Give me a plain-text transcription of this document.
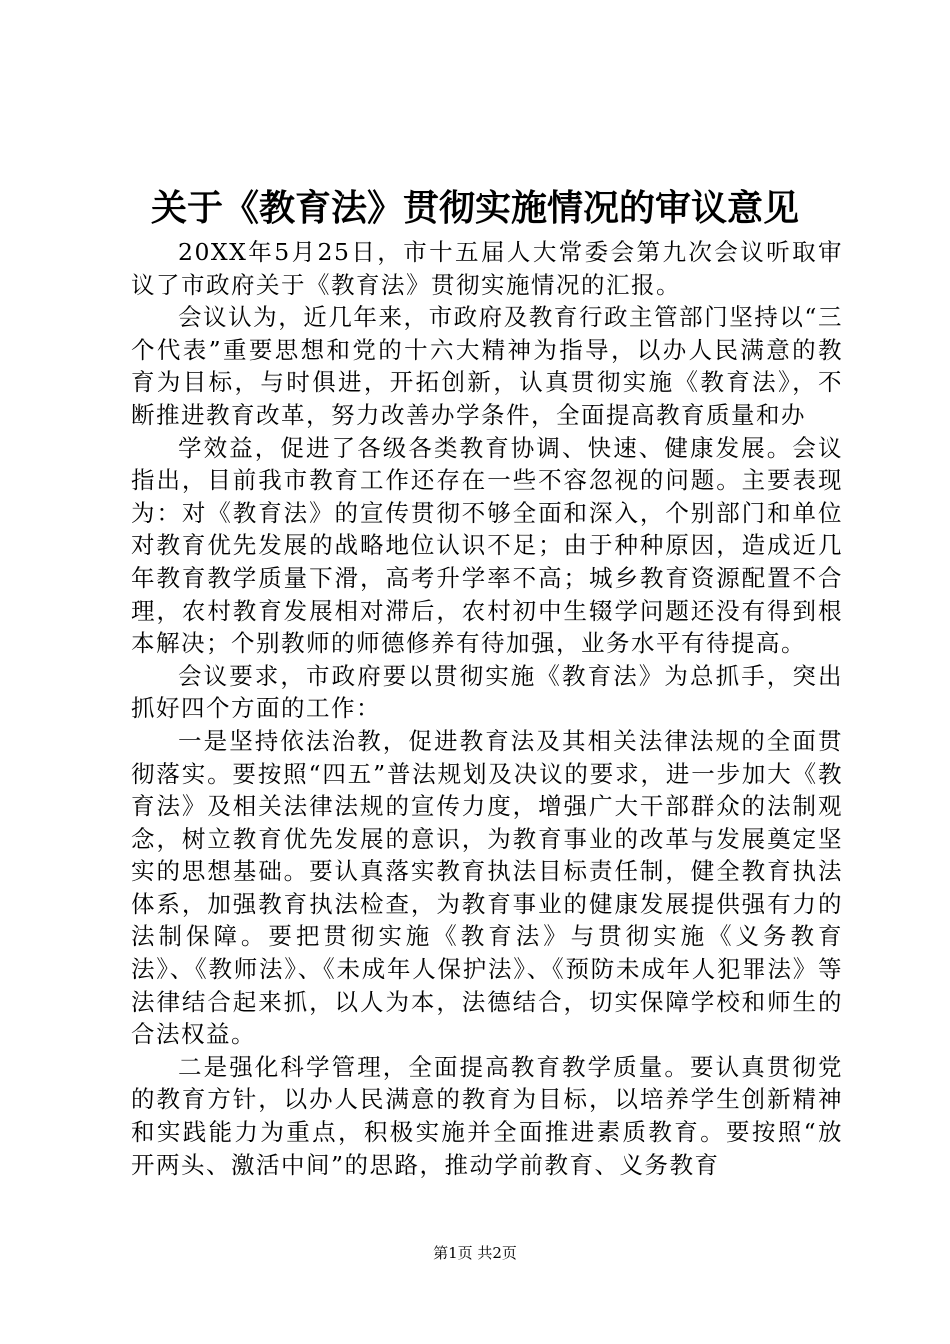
关于《教育法》贯彻实施情况的审议意见

20XX年5月25日，市十五届人大常委会第九次会议听取审议了市政府关于《教育法》贯彻实施情况的汇报。

会议认为，近几年来，市政府及教育行政主管部门坚持以“三个代表”重要思想和党的十六大精神为指导，以办人民满意的教育为目标，与时俱进，开拓创新，认真贯彻实施《教育法》，不断推进教育改革，努力改善办学条件，全面提高教育质量和办

学效益，促进了各级各类教育协调、快速、健康发展。会议指出，目前我市教育工作还存在一些不容忽视的问题。主要表现为：对《教育法》的宣传贯彻不够全面和深入，个别部门和单位对教育优先发展的战略地位认识不足；由于种种原因，造成近几年教育教学质量下滑，高考升学率不高；城乡教育资源配置不合理，农村教育发展相对滞后，农村初中生辍学问题还没有得到根本解决；个别教师的师德修养有待加强，业务水平有待提高。

会议要求，市政府要以贯彻实施《教育法》为总抓手，突出抓好四个方面的工作：

一是坚持依法治教，促进教育法及其相关法律法规的全面贯彻落实。要按照“四五”普法规划及决议的要求，进一步加大《教育法》及相关法律法规的宣传力度，增强广大干部群众的法制观念，树立教育优先发展的意识，为教育事业的改革与发展奠定坚实的思想基础。要认真落实教育执法目标责任制，健全教育执法体系，加强教育执法检查，为教育事业的健康发展提供强有力的法制保障。要把贯彻实施《教育法》与贯彻实施《义务教育法》、《教师法》、《未成年人保护法》、《预防未成年人犯罪法》等法律结合起来抓，以人为本，法德结合，切实保障学校和师生的合法权益。

二是强化科学管理，全面提高教育教学质量。要认真贯彻党的教育方针，以办人民满意的教育为目标，以培养学生创新精神和实践能力为重点，积极实施并全面推进素质教育。要按照“放开两头、激活中间”的思路，推动学前教育、义务教育

第1页 共2页
